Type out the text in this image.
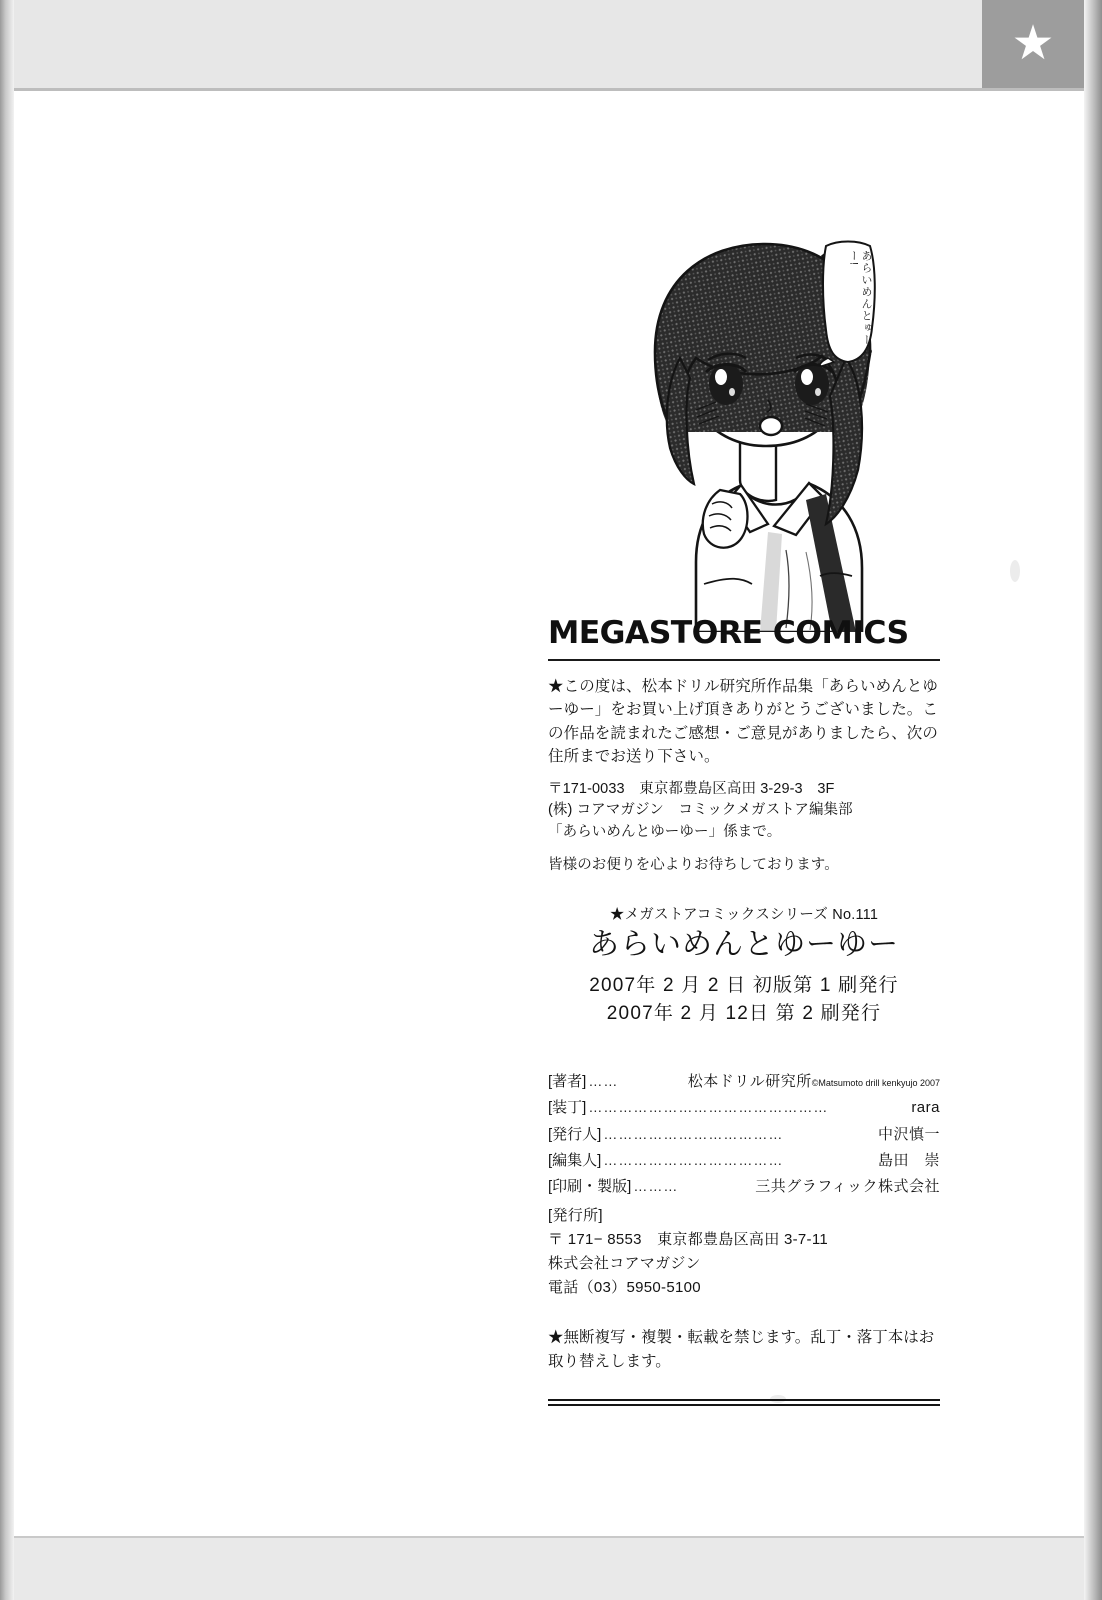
★
あらいめんとゅーゅー!
MEGASTORE COMICS
★この度は、松本ドリル研究所作品集「あらいめんとゆーゆー」をお買い上げ頂きありがとうございました。この作品を読まれたご感想・ご意見がありましたら、次の住所までお送り下さい。
〒171-0033　東京都豊島区高田 3-29-3　3F
(株) コアマガジン　コミックメガストア編集部
「あらいめんとゆーゆー」係まで。
皆様のお便りを心よりお待ちしております。
★メガストアコミックスシリーズ No.111
あらいめんとゆーゆー
2007年 2 月 2 日 初版第 1 刷発行
2007年 2 月 12日 第 2 刷発行
[著者] ……	松本ドリル研究所©Matsumoto drill kenkyujo 2007
[装丁] …………………………………………	rara
[発行人] ………………………………	中沢慎一
[編集人] ………………………………	島田　崇
[印刷・製版] ………	三共グラフィック株式会社
[発行所]
〒 171− 8553　東京都豊島区高田 3-7-11
株式会社コアマガジン
電話（03）5950-5100
★無断複写・複製・転載を禁じます。乱丁・落丁本はお取り替えします。
